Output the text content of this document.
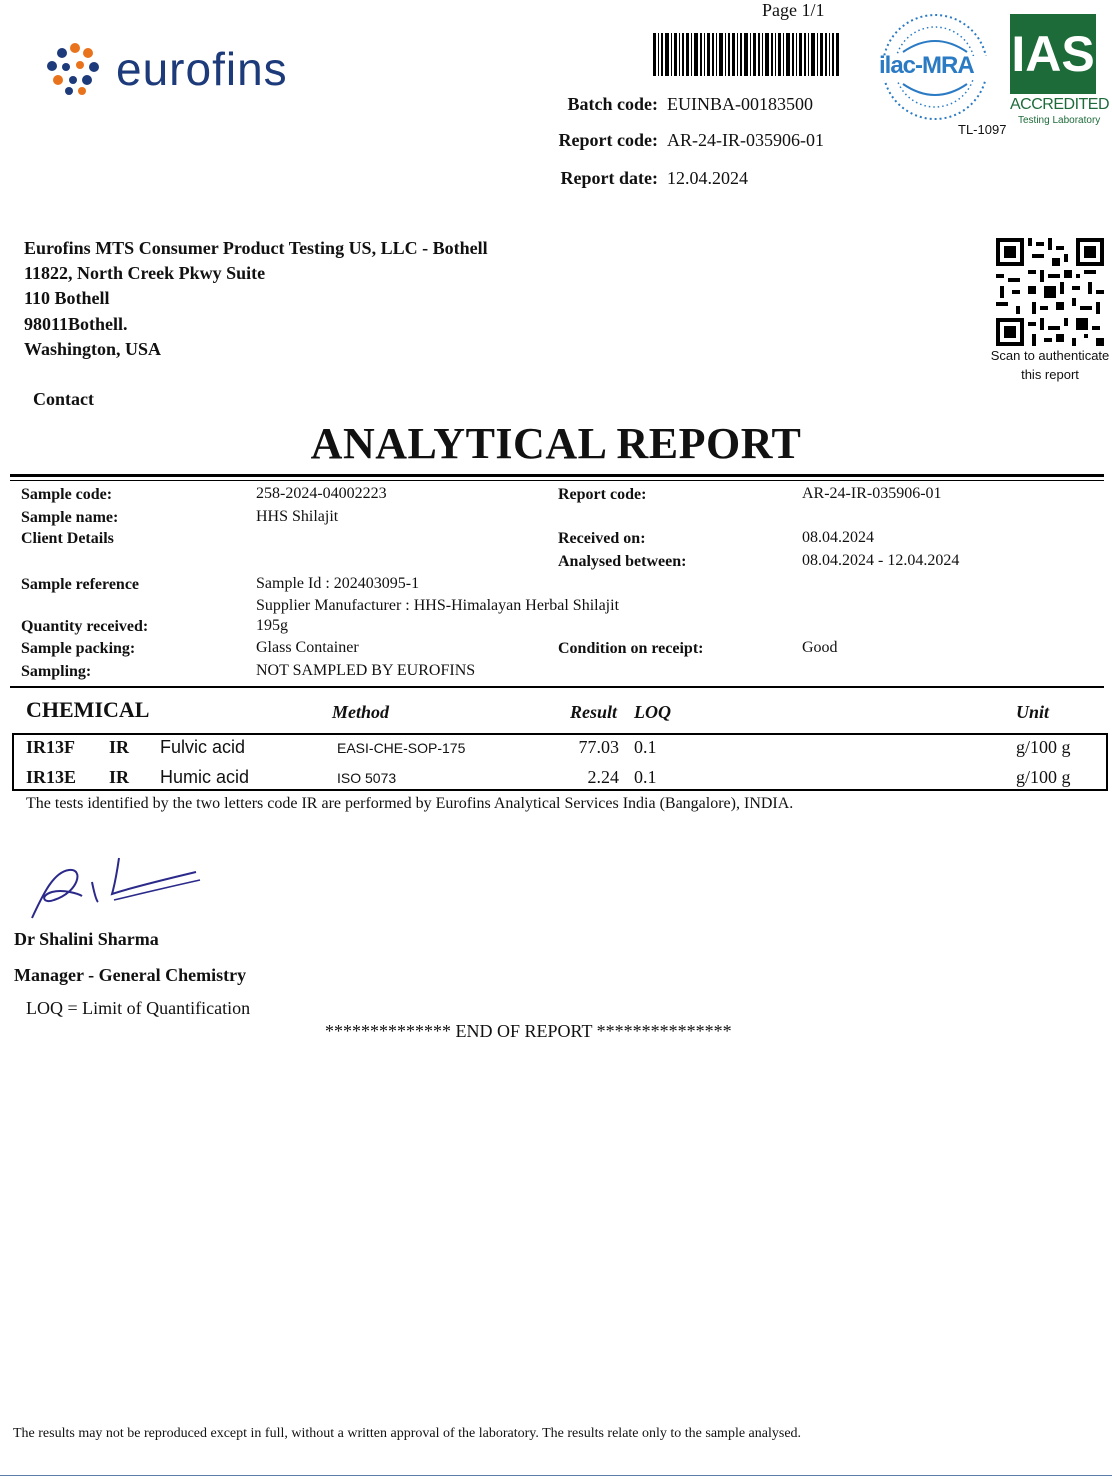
eurofins
Page 1/1
Batch code: EUINBA-00183500
Report code: AR-24-IR-035906-01
Report date: 12.04.2024
ilac-MRA IAS
ACCREDITED
Testing Laboratory
TL-1097
Eurofins MTS Consumer Product Testing US, LLC - Bothell
11822, North Creek Pkwy Suite
110 Bothell
98011Bothell.
Washington, USA
Contact
Scan to authenticate this report
ANALYTICAL REPORT
Sample code:	258-2024-04002223	Report code:	AR-24-IR-035906-01
Sample name:	HHS Shilajit
Client Details	Received on:	08.04.2024
Analysed between:	08.04.2024 - 12.04.2024
Sample reference	Sample Id : 202403095-1
Supplier Manufacturer : HHS-Himalayan Herbal Shilajit
Quantity received:	195g
Sample packing:	Glass Container	Condition on receipt:	Good
Sampling:	NOT SAMPLED BY EUROFINS
CHEMICAL	Method	Result LOQ	Unit
IR13F IR Fulvic acid	EASI-CHE-SOP-175	77.03 0.1	g/100 g
IR13E IR Humic acid	ISO 5073	2.24 0.1	g/100 g
The tests identified by the two letters code IR are performed by Eurofins Analytical Services India (Bangalore), INDIA.
Dr Shalini Sharma
Manager - General Chemistry
LOQ = Limit of Quantification
************** END OF REPORT ***************
The results may not be reproduced except in full, without a written approval of the laboratory. The results relate only to the sample analysed.
